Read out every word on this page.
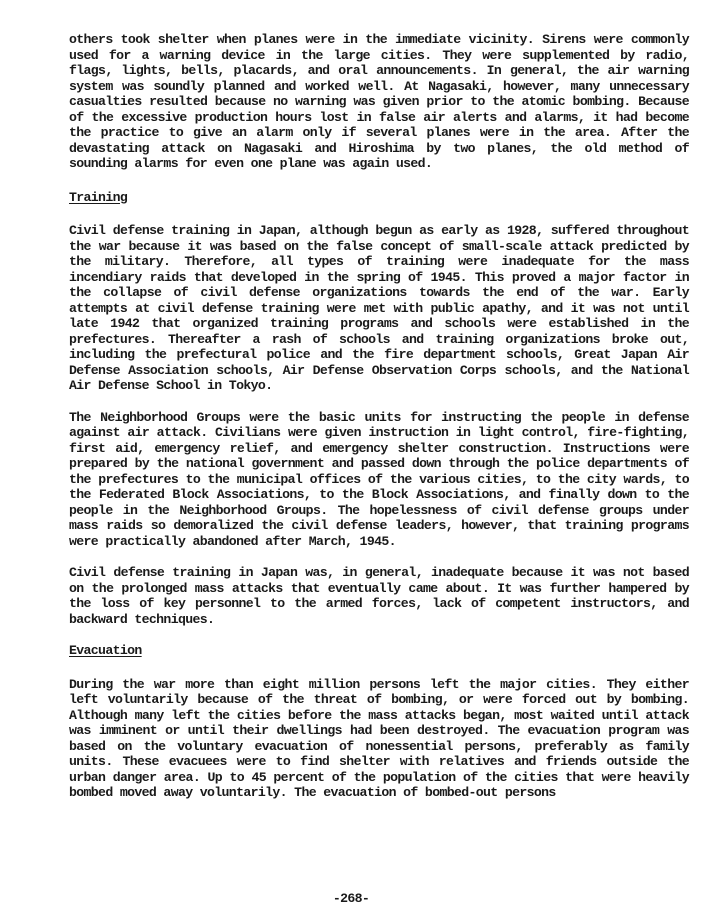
others took shelter when planes were in the immediate vicinity. Sirens were commonly used for a warning device in the large cities. They were supplemented by radio, flags, lights, bells, placards, and oral announcements. In general, the air warning system was soundly planned and worked well. At Nagasaki, however, many unnecessary casualties resulted because no warning was given prior to the atomic bombing. Because of the excessive production hours lost in false air alerts and alarms, it had become the practice to give an alarm only if several planes were in the area. After the devastating attack on Nagasaki and Hiroshima by two planes, the old method of sounding alarms for even one plane was again used.

Training

Civil defense training in Japan, although begun as early as 1928, suffered throughout the war because it was based on the false concept of small-scale attack predicted by the military. Therefore, all types of training were inadequate for the mass incendiary raids that developed in the spring of 1945. This proved a major factor in the collapse of civil defense organizations towards the end of the war. Early attempts at civil defense training were met with public apathy, and it was not until late 1942 that organized training programs and schools were established in the prefectures. Thereafter a rash of schools and training organizations broke out, including the prefectural police and the fire department schools, Great Japan Air Defense Association schools, Air Defense Observation Corps schools, and the National Air Defense School in Tokyo.

The Neighborhood Groups were the basic units for instructing the people in defense against air attack. Civilians were given instruction in light control, fire-fighting, first aid, emergency relief, and emergency shelter construction. Instructions were prepared by the national government and passed down through the police departments of the prefectures to the municipal offices of the various cities, to the city wards, to the Federated Block Associations, to the Block Associations, and finally down to the people in the Neighborhood Groups. The hopelessness of civil defense groups under mass raids so demoralized the civil defense leaders, however, that training programs were practically abandoned after March, 1945.

Civil defense training in Japan was, in general, inadequate because it was not based on the prolonged mass attacks that eventually came about. It was further hampered by the loss of key personnel to the armed forces, lack of competent instructors, and backward techniques.

Evacuation

During the war more than eight million persons left the major cities. They either left voluntarily because of the threat of bombing, or were forced out by bombing. Although many left the cities before the mass attacks began, most waited until attack was imminent or until their dwellings had been destroyed. The evacuation program was based on the voluntary evacuation of nonessential persons, preferably as family units. These evacuees were to find shelter with relatives and friends outside the urban danger area. Up to 45 percent of the population of the cities that were heavily bombed moved away voluntarily. The evacuation of bombed-out persons

-268-
